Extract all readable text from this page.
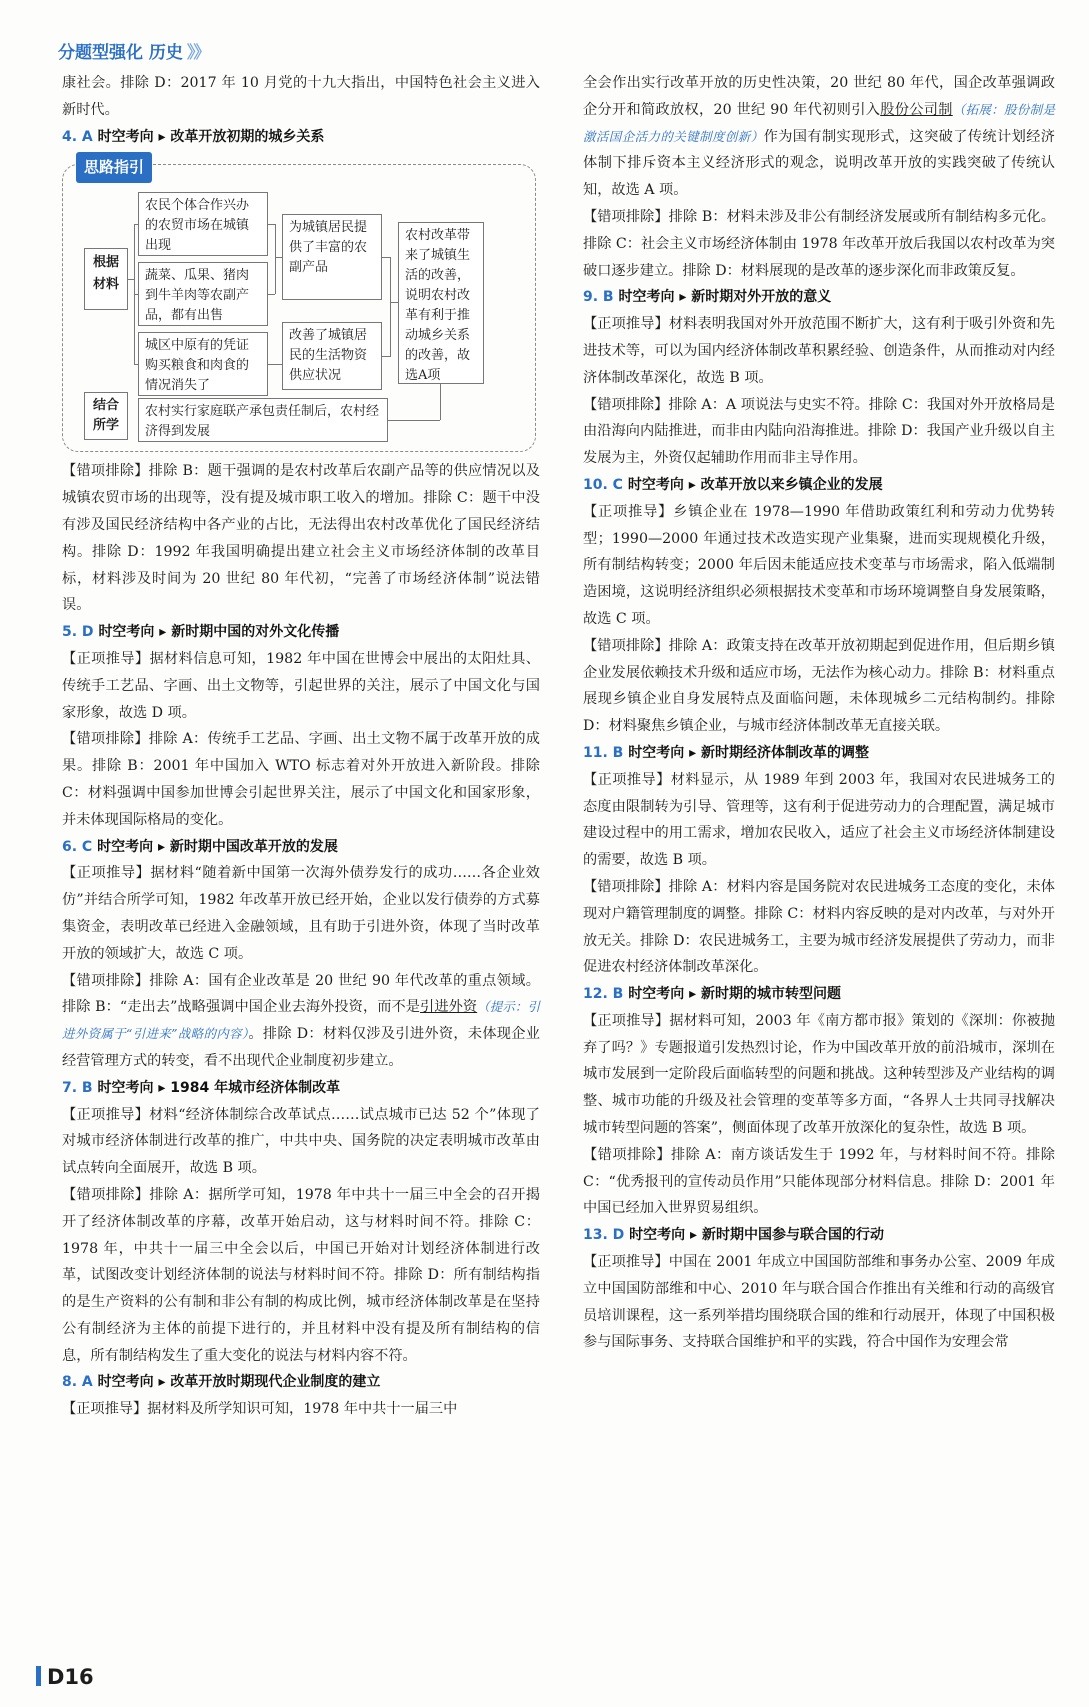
分题型强化 历史 》》

康社会。排除 D：2017 年 10 月党的十九大指出，中国特色社会主义进入新时代。

4. A 时空考向 ▸ 改革开放初期的城乡关系
思路指引
根据材料
结合所学
农民个体合作兴办的农贸市场在城镇出现
蔬菜、瓜果、猪肉到牛羊肉等农副产品，都有出售
城区中原有的凭证购买粮食和肉食的情况消失了
为城镇居民提供了丰富的农副产品
改善了城镇居民的生活物资供应状况
农村改革带来了城镇生活的改善，说明农村改革有利于推动城乡关系的改善，故选A项
农村实行家庭联产承包责任制后，农村经济得到发展

【错项排除】排除 B：题干强调的是农村改革后农副产品等的供应情况以及城镇农贸市场的出现等，没有提及城市职工收入的增加。排除 C：题干中没有涉及国民经济结构中各产业的占比，无法得出农村改革优化了国民经济结构。排除 D：1992 年我国明确提出建立社会主义市场经济体制的改革目标，材料涉及时间为 20 世纪 80 年代初，“完善了市场经济体制”说法错误。

5. D 时空考向 ▸ 新时期中国的对外文化传播

【正项推导】据材料信息可知，1982 年中国在世博会中展出的太阳灶具、传统手工艺品、字画、出土文物等，引起世界的关注，展示了中国文化与国家形象，故选 D 项。

【错项排除】排除 A：传统手工艺品、字画、出土文物不属于改革开放的成果。排除 B：2001 年中国加入 WTO 标志着对外开放进入新阶段。排除 C：材料强调中国参加世博会引起世界关注，展示了中国文化和国家形象，并未体现国际格局的变化。

6. C 时空考向 ▸ 新时期中国改革开放的发展

【正项推导】据材料“随着新中国第一次海外债券发行的成功……各企业效仿”并结合所学可知，1982 年改革开放已经开始，企业以发行债券的方式募集资金，表明改革已经进入金融领域，且有助于引进外资，体现了当时改革开放的领域扩大，故选 C 项。

【错项排除】排除 A：国有企业改革是 20 世纪 90 年代改革的重点领域。排除 B：“走出去”战略强调中国企业去海外投资，而不是引进外资（提示：引进外资属于“引进来”战略的内容）。排除 D：材料仅涉及引进外资，未体现企业经营管理方式的转变，看不出现代企业制度初步建立。

7. B 时空考向 ▸ 1984 年城市经济体制改革

【正项推导】材料“经济体制综合改革试点……试点城市已达 52 个”体现了对城市经济体制进行改革的推广，中共中央、国务院的决定表明城市改革由试点转向全面展开，故选 B 项。

【错项排除】排除 A：据所学可知，1978 年中共十一届三中全会的召开揭开了经济体制改革的序幕，改革开始启动，这与材料时间不符。排除 C：1978 年，中共十一届三中全会以后，中国已开始对计划经济体制进行改革，试图改变计划经济体制的说法与材料时间不符。排除 D：所有制结构指的是生产资料的公有制和非公有制的构成比例，城市经济体制改革是在坚持公有制经济为主体的前提下进行的，并且材料中没有提及所有制结构的信息，所有制结构发生了重大变化的说法与材料内容不符。

8. A 时空考向 ▸ 改革开放时期现代企业制度的建立

【正项推导】据材料及所学知识可知，1978 年中共十一届三中

全会作出实行改革开放的历史性决策，20 世纪 80 年代，国企改革强调政企分开和简政放权，20 世纪 90 年代初则引入股份公司制（拓展：股份制是激活国企活力的关键制度创新）作为国有制实现形式，这突破了传统计划经济体制下排斥资本主义经济形式的观念，说明改革开放的实践突破了传统认知，故选 A 项。

【错项排除】排除 B：材料未涉及非公有制经济发展或所有制结构多元化。排除 C：社会主义市场经济体制由 1978 年改革开放后我国以农村改革为突破口逐步建立。排除 D：材料展现的是改革的逐步深化而非政策反复。

9. B 时空考向 ▸ 新时期对外开放的意义

【正项推导】材料表明我国对外开放范围不断扩大，这有利于吸引外资和先进技术等，可以为国内经济体制改革积累经验、创造条件，从而推动对内经济体制改革深化，故选 B 项。

【错项排除】排除 A：A 项说法与史实不符。排除 C：我国对外开放格局是由沿海向内陆推进，而非由内陆向沿海推进。排除 D：我国产业升级以自主发展为主，外资仅起辅助作用而非主导作用。

10. C 时空考向 ▸ 改革开放以来乡镇企业的发展

【正项推导】乡镇企业在 1978—1990 年借助政策红利和劳动力优势转型；1990—2000 年通过技术改造实现产业集聚，进而实现规模化升级，所有制结构转变；2000 年后因未能适应技术变革与市场需求，陷入低端制造困境，这说明经济组织必须根据技术变革和市场环境调整自身发展策略，故选 C 项。

【错项排除】排除 A：政策支持在改革开放初期起到促进作用，但后期乡镇企业发展依赖技术升级和适应市场，无法作为核心动力。排除 B：材料重点展现乡镇企业自身发展特点及面临问题，未体现城乡二元结构制约。排除 D：材料聚焦乡镇企业，与城市经济体制改革无直接关联。

11. B 时空考向 ▸ 新时期经济体制改革的调整

【正项推导】材料显示，从 1989 年到 2003 年，我国对农民进城务工的态度由限制转为引导、管理等，这有利于促进劳动力的合理配置，满足城市建设过程中的用工需求，增加农民收入，适应了社会主义市场经济体制建设的需要，故选 B 项。

【错项排除】排除 A：材料内容是国务院对农民进城务工态度的变化，未体现对户籍管理制度的调整。排除 C：材料内容反映的是对内改革，与对外开放无关。排除 D：农民进城务工，主要为城市经济发展提供了劳动力，而非促进农村经济体制改革深化。

12. B 时空考向 ▸ 新时期的城市转型问题

【正项推导】据材料可知，2003 年《南方都市报》策划的《深圳：你被抛弃了吗？》专题报道引发热烈讨论，作为中国改革开放的前沿城市，深圳在城市发展到一定阶段后面临转型的问题和挑战。这种转型涉及产业结构的调整、城市功能的升级及社会管理的变革等多方面，“各界人士共同寻找解决城市转型问题的答案”，侧面体现了改革开放深化的复杂性，故选 B 项。

【错项排除】排除 A：南方谈话发生于 1992 年，与材料时间不符。排除 C：“优秀报刊的宣传动员作用”只能体现部分材料信息。排除 D：2001 年中国已经加入世界贸易组织。

13. D 时空考向 ▸ 新时期中国参与联合国的行动

【正项推导】中国在 2001 年成立中国国防部维和事务办公室、2009 年成立中国国防部维和中心、2010 年与联合国合作推出有关维和行动的高级官员培训课程，这一系列举措均围绕联合国的维和行动展开，体现了中国积极参与国际事务、支持联合国维护和平的实践，符合中国作为安理会常

D16
